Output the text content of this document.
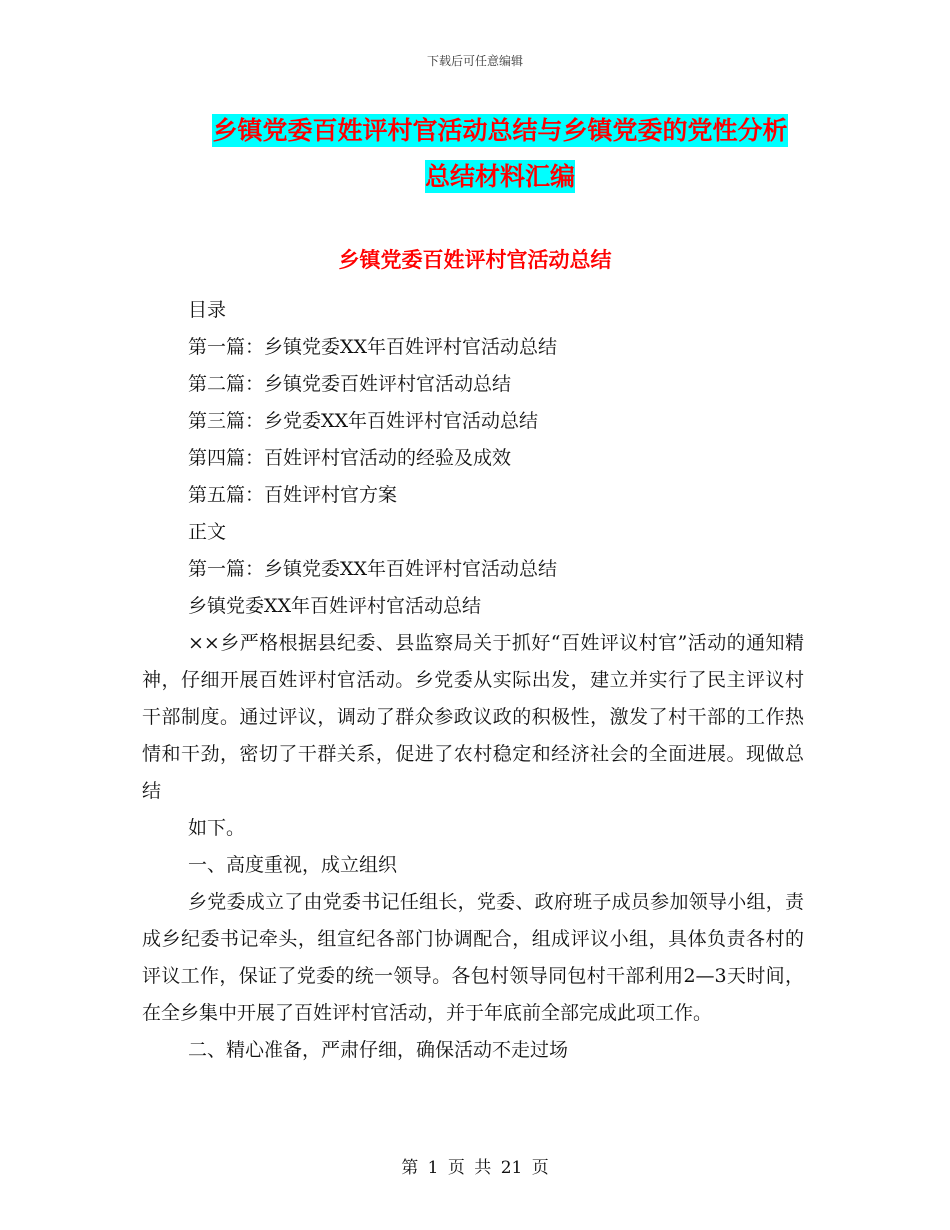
下载后可任意编辑
乡镇党委百姓评村官活动总结与乡镇党委的党性分析
总结材料汇编
乡镇党委百姓评村官活动总结
目录
第一篇：乡镇党委XX年百姓评村官活动总结
第二篇：乡镇党委百姓评村官活动总结
第三篇：乡党委XX年百姓评村官活动总结
第四篇：百姓评村官活动的经验及成效
第五篇：百姓评村官方案
正文
第一篇：乡镇党委XX年百姓评村官活动总结
乡镇党委XX年百姓评村官活动总结

××乡严格根据县纪委、县监察局关于抓好“百姓评议村官”活动的通知精神，仔细开展百姓评村官活动。乡党委从实际出发，建立并实行了民主评议村干部制度。通过评议，调动了群众参政议政的积极性，激发了村干部的工作热情和干劲，密切了干群关系，促进了农村稳定和经济社会的全面进展。现做总结

如下。
一、高度重视，成立组织

乡党委成立了由党委书记任组长，党委、政府班子成员参加领导小组，责成乡纪委书记牵头，组宣纪各部门协调配合，组成评议小组，具体负责各村的评议工作，保证了党委的统一领导。各包村领导同包村干部利用2—3天时间，在全乡集中开展了百姓评村官活动，并于年底前全部完成此项工作。

二、精心准备，严肃仔细，确保活动不走过场
第 1 页 共 21 页
